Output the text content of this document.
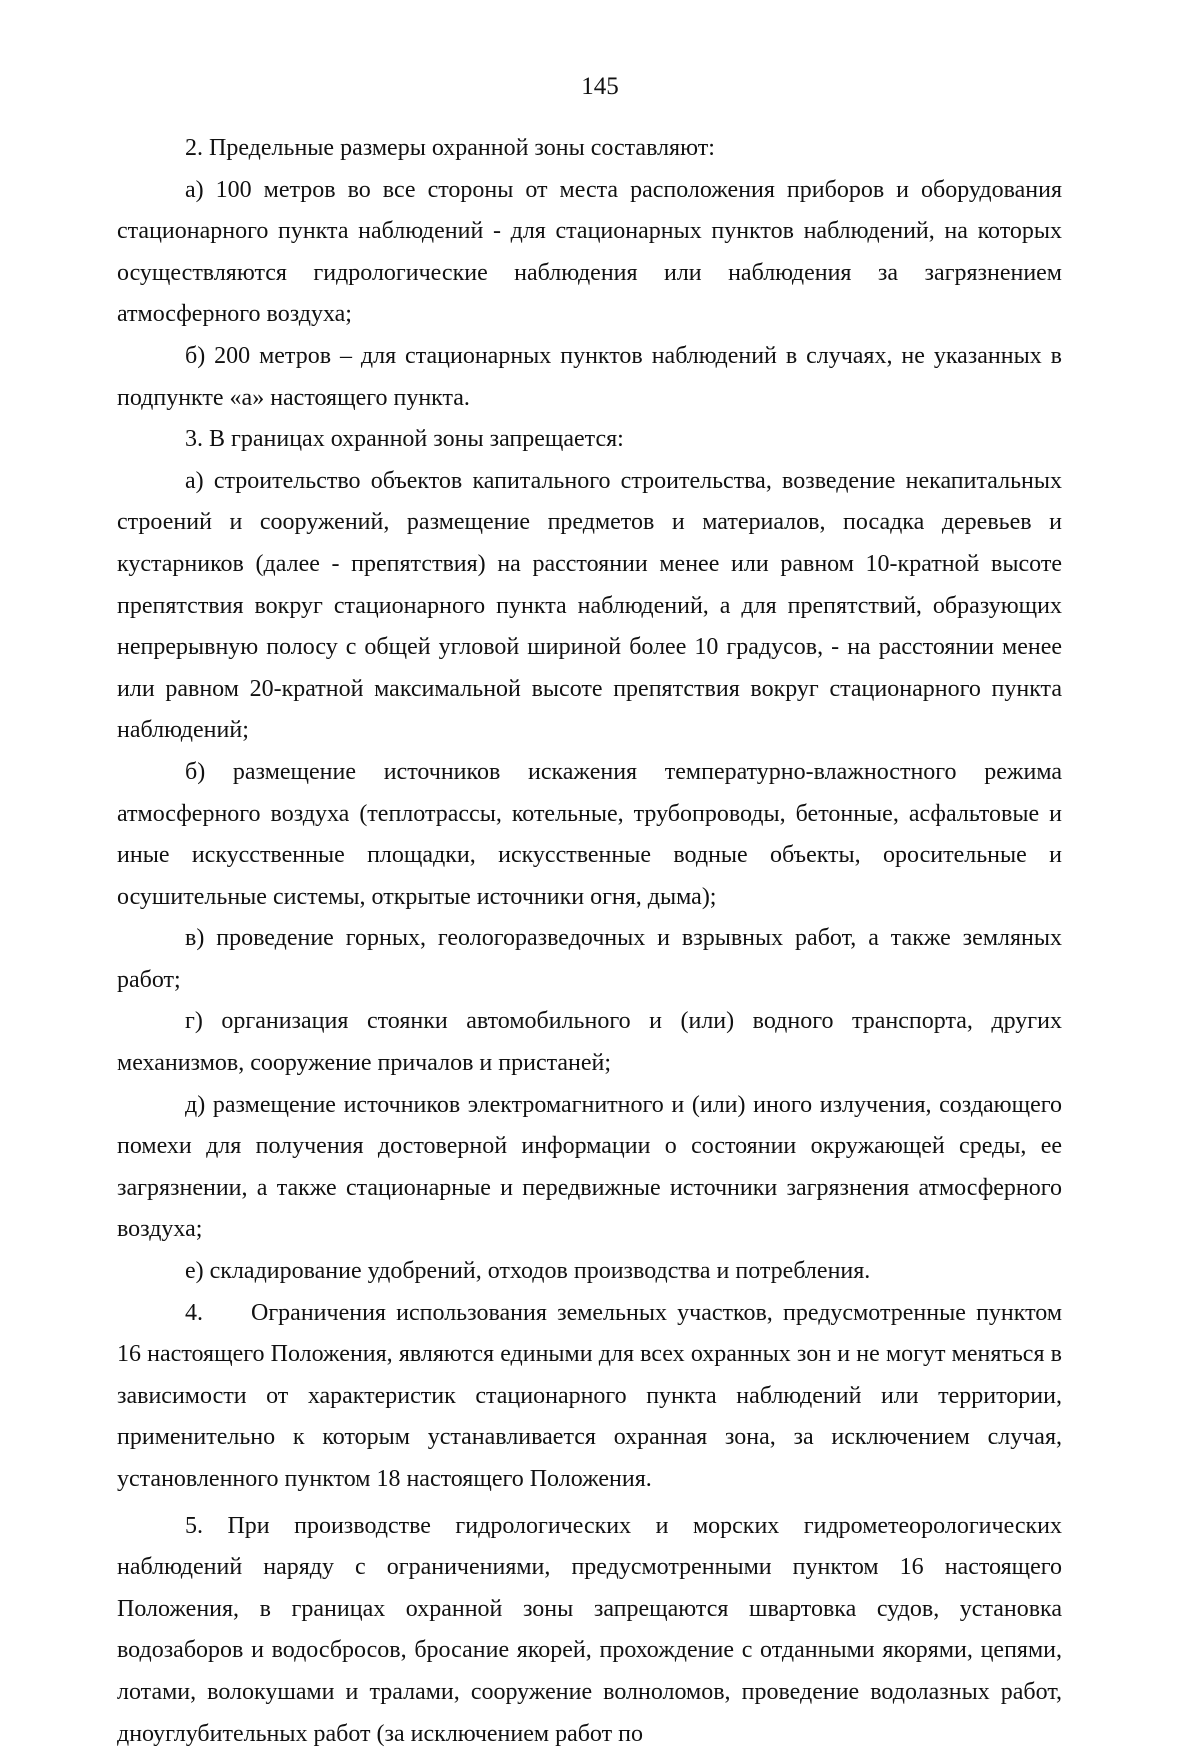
145

2. Предельные размеры охранной зоны составляют:

а) 100 метров во все стороны от места расположения приборов и оборудования стационарного пункта наблюдений - для стационарных пунктов наблюдений, на которых осуществляются гидрологические наблюдения или наблюдения за загрязнением атмосферного воздуха;

б) 200 метров – для стационарных пунктов наблюдений в случаях, не указанных в подпункте «а» настоящего пункта.

3. В границах охранной зоны запрещается:

а) строительство объектов капитального строительства, возведение некапитальных строений и сооружений, размещение предметов и материалов, посадка деревьев и кустарников (далее - препятствия) на расстоянии менее или равном 10-кратной высоте препятствия вокруг стационарного пункта наблюдений, а для препятствий, образующих непрерывную полосу с общей угловой шириной более 10 градусов, - на расстоянии менее или равном 20-кратной максимальной высоте препятствия вокруг стационарного пункта наблюдений;

б) размещение источников искажения температурно-влажностного режима атмосферного воздуха (теплотрассы, котельные, трубопроводы, бетонные, асфальтовые и иные искусственные площадки, искусственные водные объекты, оросительные и осушительные системы, открытые источники огня, дыма);

в) проведение горных, геологоразведочных и взрывных работ, а также земляных работ;

г) организация стоянки автомобильного и (или) водного транспорта, других механизмов, сооружение причалов и пристаней;

д) размещение источников электромагнитного и (или) иного излучения, создающего помехи для получения достоверной информации о состоянии окружающей среды, ее загрязнении, а также стационарные и передвижные источники загрязнения атмосферного воздуха;

е) складирование удобрений, отходов производства и потребления.

4. Ограничения использования земельных участков, предусмотренные пунктом 16 настоящего Положения, являются едиными для всех охранных зон и не могут меняться в зависимости от характеристик стационарного пункта наблюдений или территории, применительно к которым устанавливается охранная зона, за исключением случая, установленного пунктом 18 настоящего Положения.

5. При производстве гидрологических и морских гидрометеорологических наблюдений наряду с ограничениями, предусмотренными пунктом 16 настоящего Положения, в границах охранной зоны запрещаются швартовка судов, установка водозаборов и водосбросов, бросание якорей, прохождение с отданными якорями, цепями, лотами, волокушами и тралами, сооружение волноломов, проведение водолазных работ, дноуглубительных работ (за исключением работ по
